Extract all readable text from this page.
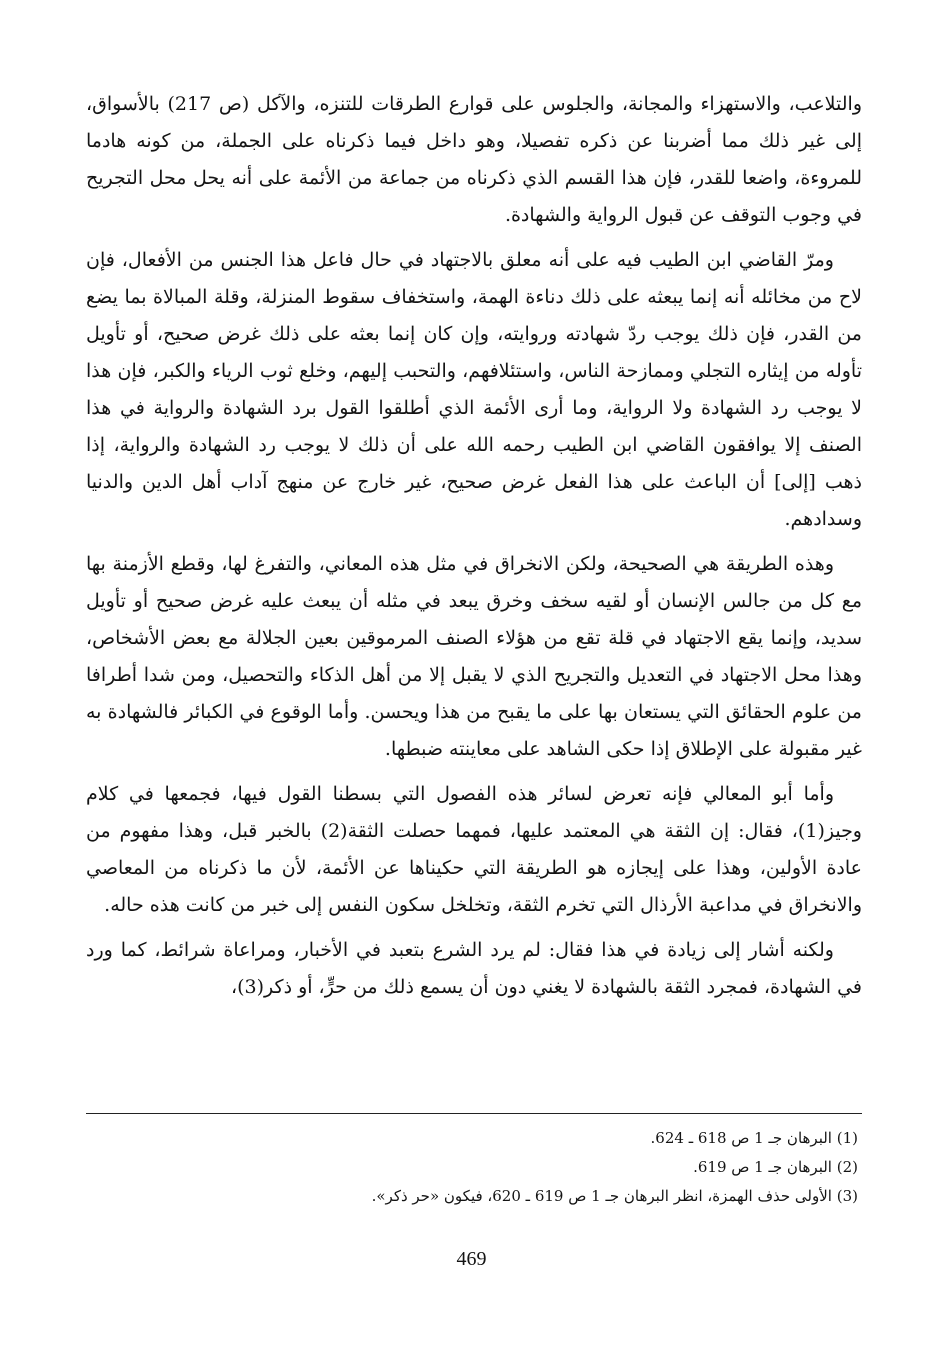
والتلاعب، والاستهزاء والمجانة، والجلوس على قوارع الطرقات للتنزه، والآكل (ص 217) بالأسواق، إلى غير ذلك مما أضربنا عن ذكره تفصيلا، وهو داخل فيما ذكرناه على الجملة، من كونه هادما للمروءة، واضعا للقدر، فإن هذا القسم الذي ذكرناه من جماعة من الأئمة على أنه يحل محل التجريح في وجوب التوقف عن قبول الرواية والشهادة.

ومرّ القاضي ابن الطيب فيه على أنه معلق بالاجتهاد في حال فاعل هذا الجنس من الأفعال، فإن لاح من مخائله أنه إنما يبعثه على ذلك دناءة الهمة، واستخفاف سقوط المنزلة، وقلة المبالاة بما يضع من القدر، فإن ذلك يوجب ردّ شهادته وروايته، وإن كان إنما بعثه على ذلك غرض صحيح، أو تأويل تأوله من إيثاره التجلي وممازحة الناس، واستئلافهم، والتحبب إليهم، وخلع ثوب الرياء والكبر، فإن هذا لا يوجب رد الشهادة ولا الرواية، وما أرى الأئمة الذي أطلقوا القول برد الشهادة والرواية في هذا الصنف إلا يوافقون القاضي ابن الطيب رحمه الله على أن ذلك لا يوجب رد الشهادة والرواية، إذا ذهب [إلى] أن الباعث على هذا الفعل غرض صحيح، غير خارج عن منهج آداب أهل الدين والدنيا وسدادهم.

وهذه الطريقة هي الصحيحة، ولكن الانخراق في مثل هذه المعاني، والتفرغ لها، وقطع الأزمنة بها مع كل من جالس الإنسان أو لقيه سخف وخرق يبعد في مثله أن يبعث عليه غرض صحيح أو تأويل سديد، وإنما يقع الاجتهاد في قلة تقع من هؤلاء الصنف المرموقين بعين الجلالة مع بعض الأشخاص، وهذا محل الاجتهاد في التعديل والتجريح الذي لا يقبل إلا من أهل الذكاء والتحصيل، ومن شدا أطرافا من علوم الحقائق التي يستعان بها على ما يقبح من هذا ويحسن. وأما الوقوع في الكبائر فالشهادة به غير مقبولة على الإطلاق إذا حكى الشاهد على معاينته ضبطها.

وأما أبو المعالي فإنه تعرض لسائر هذه الفصول التي بسطنا القول فيها، فجمعها في كلام وجيز(1)، فقال: إن الثقة هي المعتمد عليها، فمهما حصلت الثقة(2) بالخبر قبل، وهذا مفهوم من عادة الأولين، وهذا على إيجازه هو الطريقة التي حكيناها عن الأئمة، لأن ما ذكرناه من المعاصي والانخراق في مداعبة الأرذال التي تخرم الثقة، وتخلخل سكون النفس إلى خبر من كانت هذه حاله.

ولكنه أشار إلى زيادة في هذا فقال: لم يرد الشرع بتعبد في الأخبار، ومراعاة شرائط، كما ورد في الشهادة، فمجرد الثقة بالشهادة لا يغني دون أن يسمع ذلك من حرٍّ، أو ذكر(3)،

(1) البرهان جـ 1 ص 618 ـ 624.

(2) البرهان جـ 1 ص 619.

(3) الأولى حذف الهمزة، انظر البرهان جـ 1 ص 619 ـ 620، فيكون «حر ذكر».

469
